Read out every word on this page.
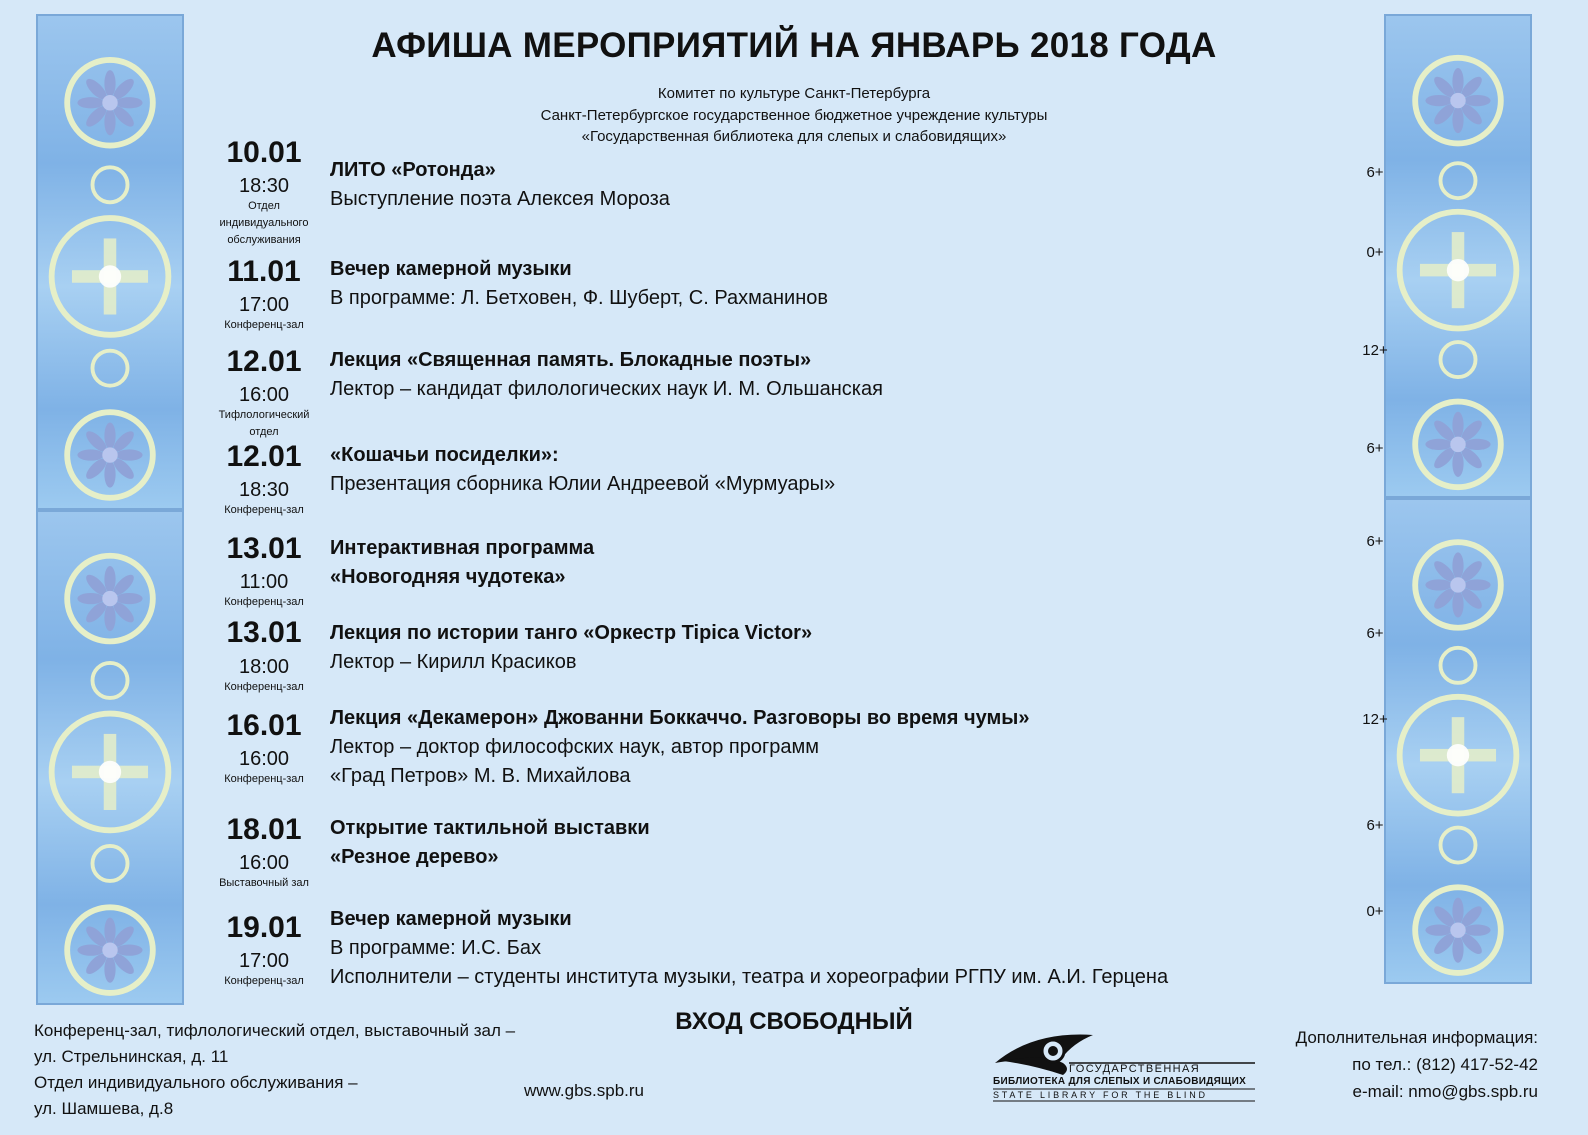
АФИША МЕРОПРИЯТИЙ НА ЯНВАРЬ 2018 ГОДА
Комитет по культуре Санкт-Петербурга
Санкт-Петербургское государственное бюджетное учреждение культуры
«Государственная библиотека для слепых и слабовидящих»
10.01
18:30
Отдел
индивидуального
обслуживания
ЛИТО «Ротонда»
Выступление поэта Алексея Мороза
6+
11.01
17:00
Конференц-зал
Вечер камерной музыки
В программе: Л. Бетховен, Ф. Шуберт, С. Рахманинов
0+
12.01
16:00
Тифлологический
отдел
Лекция «Священная память. Блокадные поэты»
Лектор – кандидат филологических наук И. М. Ольшанская
12+
12.01
18:30
Конференц-зал
«Кошачьи посиделки»:
Презентация сборника Юлии Андреевой «Мурмуары»
6+
13.01
11:00
Конференц-зал
Интерактивная программа
«Новогодняя чудотека»
6+
13.01
18:00
Конференц-зал
Лекция по истории танго «Оркестр Tipica Victor»
Лектор – Кирилл Красиков
6+
16.01
16:00
Конференц-зал
Лекция «Декамерон» Джованни Боккаччо. Разговоры во время чумы»
Лектор – доктор философских наук, автор программ
«Град Петров» М. В. Михайлова
12+
18.01
16:00
Выставочный зал
Открытие тактильной выставки
«Резное дерево»
6+
19.01
17:00
Конференц-зал
Вечер камерной музыки
В программе: И.С. Бах
Исполнители – студенты института музыки, театра и хореографии РГПУ им. А.И. Герцена
0+
ВХОД СВОБОДНЫЙ
Конференц-зал, тифлологический отдел, выставочный зал –
ул. Стрельнинская, д. 11
Отдел индивидуального обслуживания –
ул. Шамшева, д.8
www.gbs.spb.ru
ГОСУДАРСТВЕННАЯ
БИБЛИОТЕКА ДЛЯ СЛЕПЫХ И СЛАБОВИДЯЩИХ
STATE LIBRARY FOR THE BLIND
Дополнительная информация:
по тел.: (812) 417-52-42
e-mail: nmo@gbs.spb.ru
